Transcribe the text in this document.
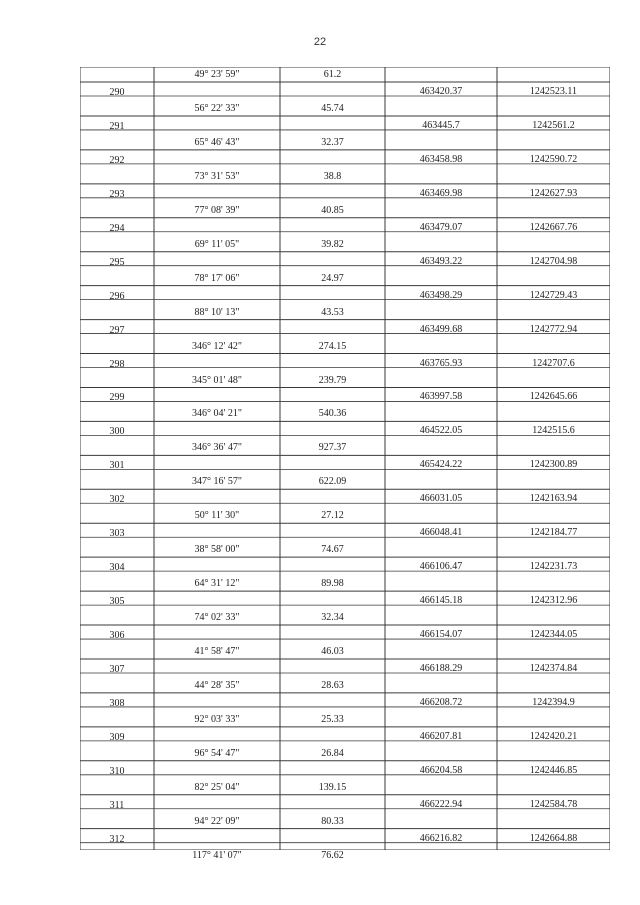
22
49° 23' 59"	61.2
290	463420.37	1242523.11
56° 22' 33"	45.74
291	463445.7	1242561.2
65° 46' 43"	32.37
292	463458.98	1242590.72
73° 31' 53"	38.8
293	463469.98	1242627.93
77° 08' 39"	40.85
294	463479.07	1242667.76
69° 11' 05"	39.82
295	463493.22	1242704.98
78° 17' 06"	24.97
296	463498.29	1242729.43
88° 10' 13"	43.53
297	463499.68	1242772.94
346° 12' 42"	274.15
298	463765.93	1242707.6
345° 01' 48"	239.79
299	463997.58	1242645.66
346° 04' 21"	540.36
300	464522.05	1242515.6
346° 36' 47"	927.37
301	465424.22	1242300.89
347° 16' 57"	622.09
302	466031.05	1242163.94
50° 11' 30"	27.12
303	466048.41	1242184.77
38° 58' 00"	74.67
304	466106.47	1242231.73
64° 31' 12"	89.98
305	466145.18	1242312.96
74° 02' 33"	32.34
306	466154.07	1242344.05
41° 58' 47"	46.03
307	466188.29	1242374.84
44° 28' 35"	28.63
308	466208.72	1242394.9
92° 03' 33"	25.33
309	466207.81	1242420.21
96° 54' 47"	26.84
310	466204.58	1242446.85
82° 25' 04"	139.15
311	466222.94	1242584.78
94° 22' 09"	80.33
312	466216.82	1242664.88
117° 41' 07"	76.62
